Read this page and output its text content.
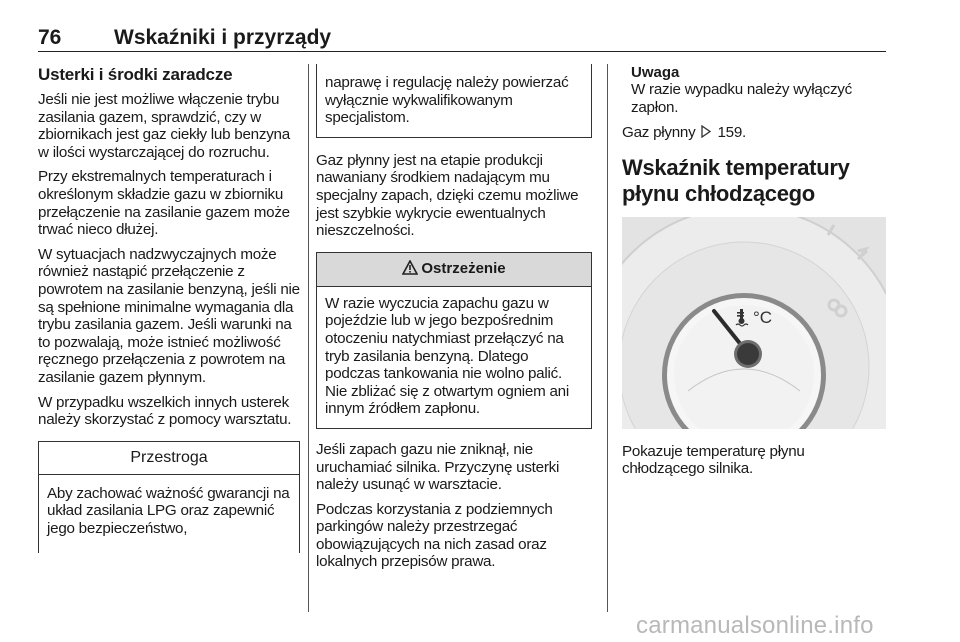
76	Wskaźniki i przyrządy
Usterki i środki zaradcze

Jeśli nie jest możliwe włączenie trybu zasilania gazem, sprawdzić, czy w zbiornikach jest gaz ciekły lub benzyna w ilości wystarczającej do rozruchu.

Przy ekstremalnych temperaturach i określonym składzie gazu w zbiorniku przełączenie na zasilanie gazem może trwać nieco dłużej.

W sytuacjach nadzwyczajnych może również nastąpić przełączenie z powrotem na zasilanie benzyną, jeśli nie są spełnione minimalne wymagania dla trybu zasilania gazem. Jeśli warunki na to pozwalają, może istnieć możliwość ręcznego przełączenia z powrotem na zasilanie gazem płynnym.

W przypadku wszelkich innych usterek należy skorzystać z pomocy warsztatu.

Przestroga
Aby zachować ważność gwarancji na układ zasilania LPG oraz zapewnić jego bezpieczeństwo,
naprawę i regulację należy powierzać wyłącznie wykwalifikowanym specjalistom.

Gaz płynny jest na etapie produkcji nawaniany środkiem nadającym mu specjalny zapach, dzięki czemu możliwe jest szybkie wykrycie ewentualnych nieszczelności.

Ostrzeżenie
W razie wyczucia zapachu gazu w pojeździe lub w jego bezpośrednim otoczeniu natychmiast przełączyć na tryb zasilania benzyną. Dlatego podczas tankowania nie wolno palić. Nie zbliżać się z otwartym ogniem ani innym źródłem zapłonu.

Jeśli zapach gazu nie zniknął, nie uruchamiać silnika. Przyczynę usterki należy usunąć w warsztacie.

Podczas korzystania z podziemnych parkingów należy przestrzegać obowiązujących na nich zasad oraz lokalnych przepisów prawa.

Uwaga
W razie wypadku należy wyłączyć zapłon.

Gaz płynny 159.

Wskaźnik temperatury płynu chłodzącego
°C

Pokazuje temperaturę płynu chłodzącego silnika.

carmanualsonline.info
